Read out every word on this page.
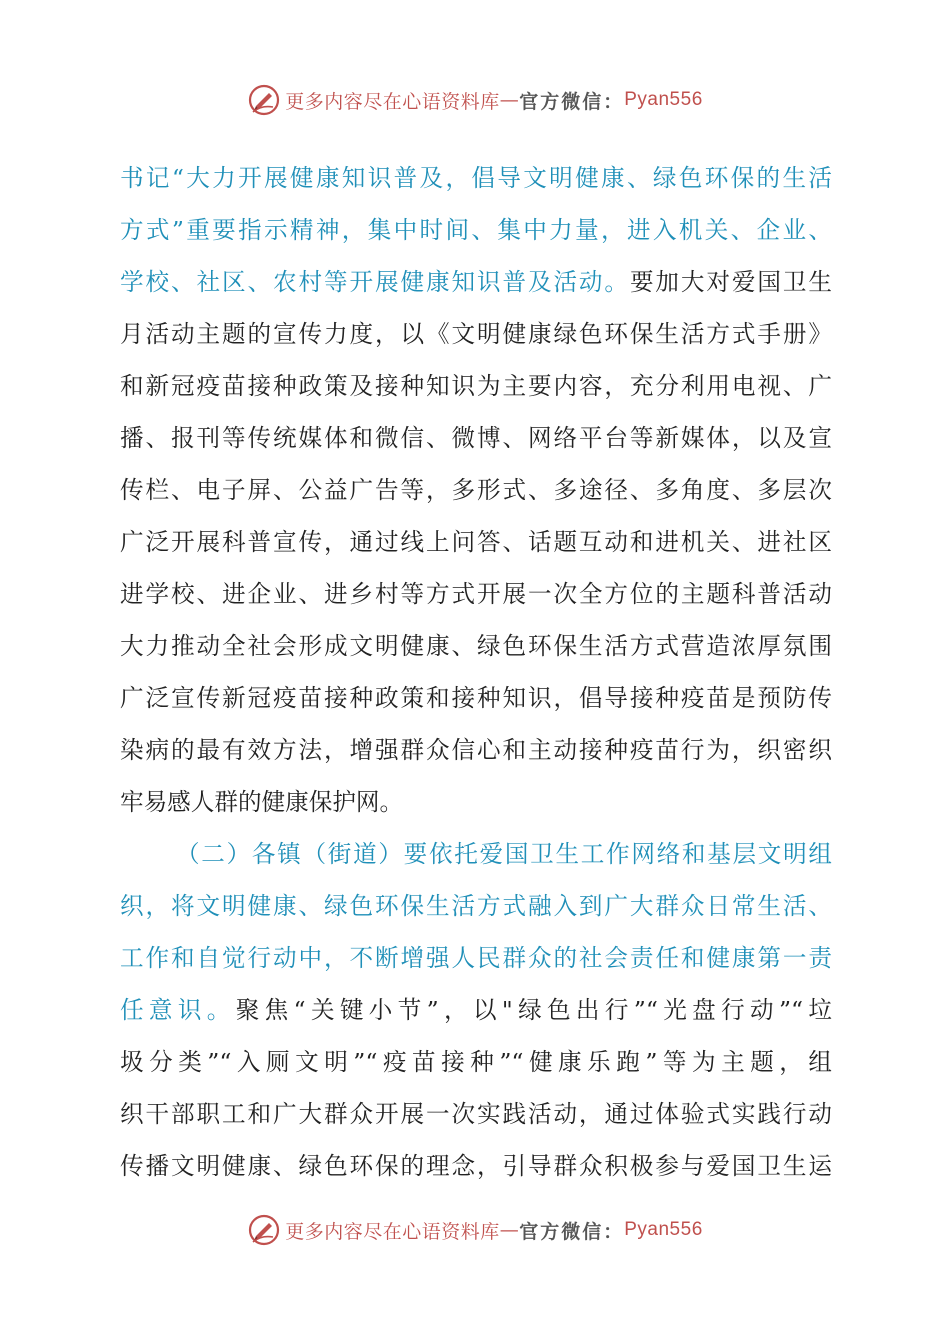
更多内容尽在心语资料库 — 官方微信： Pyan556
书记“大力开展健康知识普及，倡导文明健康、绿色环保的生活
方式”重要指示精神，集中时间、集中力量，进入机关、企业、
学校、社区、农村等开展健康知识普及活动。要加大对爱国卫生
月活动主题的宣传力度，以《文明健康绿色环保生活方式手册》
和新冠疫苗接种政策及接种知识为主要内容，充分利用电视、广
播、报刊等传统媒体和微信、微博、网络平台等新媒体，以及宣
传栏、电子屏、公益广告等，多形式、多途径、多角度、多层次
广泛开展科普宣传，通过线上问答、话题互动和进机关、进社区
进学校、进企业、进乡村等方式开展一次全方位的主题科普活动
大力推动全社会形成文明健康、绿色环保生活方式营造浓厚氛围
广泛宣传新冠疫苗接种政策和接种知识，倡导接种疫苗是预防传
染病的最有效方法，增强群众信心和主动接种疫苗行为，织密织
牢易感人群的健康保护网。
（二）各镇（街道）要依托爱国卫生工作网络和基层文明组
织，将文明健康、绿色环保生活方式融入到广大群众日常生活、
工作和自觉行动中，不断增强人民群众的社会责任和健康第一责
任意识。聚焦“关键小节”，以"绿色出行”“光盘行动”“垃
圾分类”“入厕文明”“疫苗接种”“健康乐跑”等为主题，组
织干部职工和广大群众开展一次实践活动，通过体验式实践行动
传播文明健康、绿色环保的理念，引导群众积极参与爱国卫生运
更多内容尽在心语资料库 — 官方微信： Pyan556
